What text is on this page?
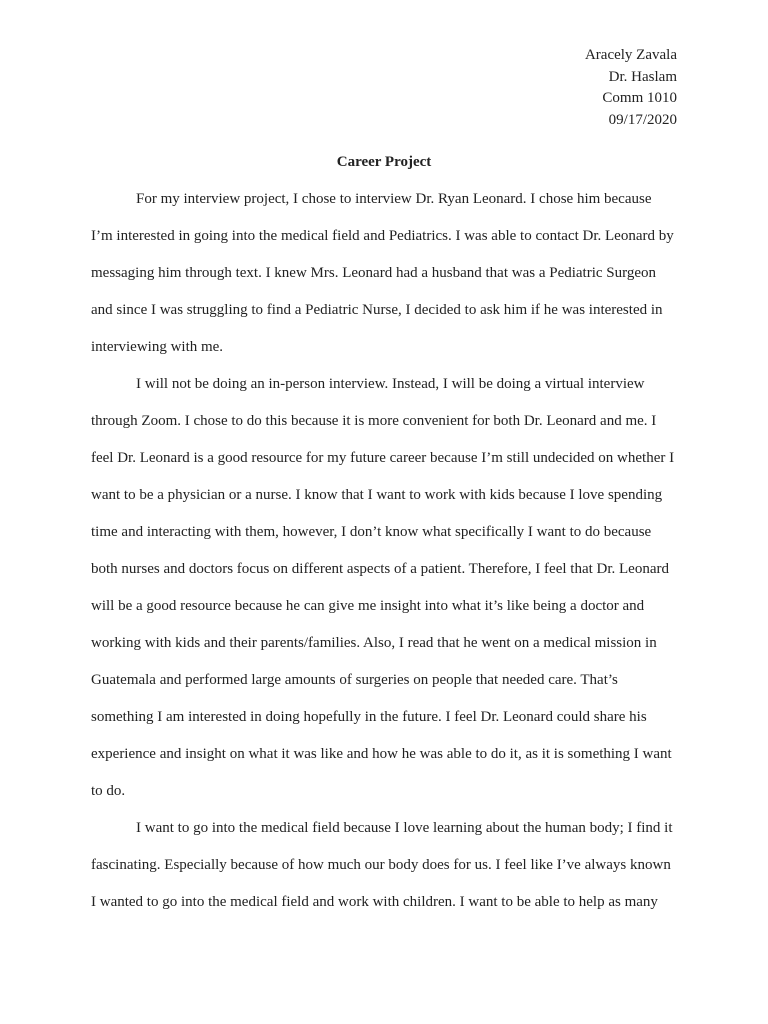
Aracely Zavala
Dr. Haslam
Comm 1010
09/17/2020
Career Project
For my interview project, I chose to interview Dr. Ryan Leonard. I chose him because
I’m interested in going into the medical field and Pediatrics. I was able to contact Dr. Leonard by
messaging him through text. I knew Mrs. Leonard had a husband that was a Pediatric Surgeon
and since I was struggling to find a Pediatric Nurse, I decided to ask him if he was interested in
interviewing with me.
I will not be doing an in-person interview. Instead, I will be doing a virtual interview
through Zoom. I chose to do this because it is more convenient for both Dr. Leonard and me. I
feel Dr. Leonard is a good resource for my future career because I’m still undecided on whether I
want to be a physician or a nurse. I know that I want to work with kids because I love spending
time and interacting with them, however, I don’t know what specifically I want to do because
both nurses and doctors focus on different aspects of a patient. Therefore, I feel that Dr. Leonard
will be a good resource because he can give me insight into what it’s like being a doctor and
working with kids and their parents/families. Also, I read that he went on a medical mission in
Guatemala and performed large amounts of surgeries on people that needed care. That’s
something I am interested in doing hopefully in the future. I feel Dr. Leonard could share his
experience and insight on what it was like and how he was able to do it, as it is something I want
to do.
I want to go into the medical field because I love learning about the human body; I find it
fascinating. Especially because of how much our body does for us. I feel like I’ve always known
I wanted to go into the medical field and work with children. I want to be able to help as many
